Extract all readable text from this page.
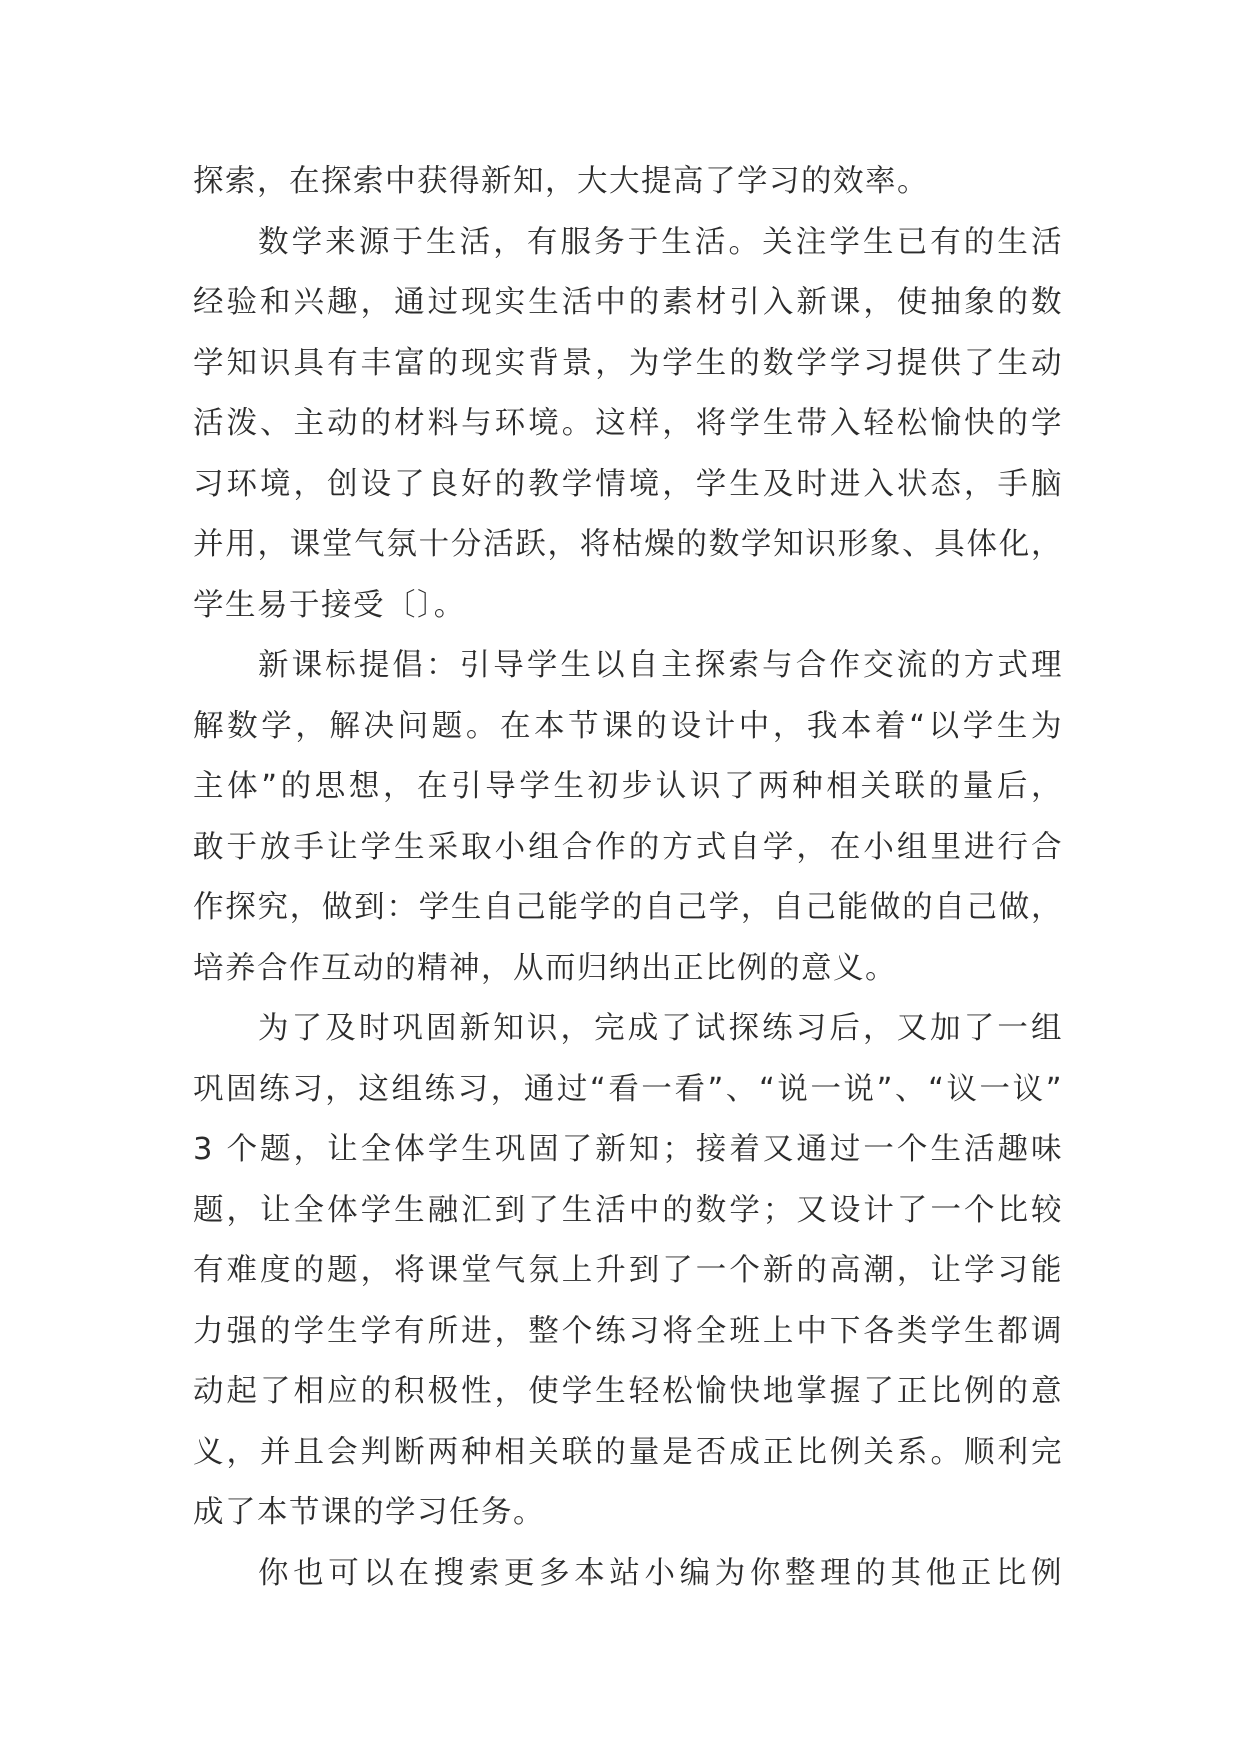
探索，在探索中获得新知，大大提高了学习的效率。
数学来源于生活，有服务于生活。关注学生已有的生活
经验和兴趣，通过现实生活中的素材引入新课，使抽象的数
学知识具有丰富的现实背景，为学生的数学学习提供了生动
活泼、主动的材料与环境。这样，将学生带入轻松愉快的学
习环境，创设了良好的教学情境，学生及时进入状态，手脑
并用，课堂气氛十分活跃，将枯燥的数学知识形象、具体化，
学生易于接受〔〕。
新课标提倡：引导学生以自主探索与合作交流的方式理
解数学，解决问题。在本节课的设计中，我本着“以学生为
主体”的思想，在引导学生初步认识了两种相关联的量后，
敢于放手让学生采取小组合作的方式自学，在小组里进行合
作探究，做到：学生自己能学的自己学，自己能做的自己做，
培养合作互动的精神，从而归纳出正比例的意义。
为了及时巩固新知识，完成了试探练习后，又加了一组
巩固练习，这组练习，通过“看一看”、“说一说”、“议一议”
3 个题，让全体学生巩固了新知；接着又通过一个生活趣味
题，让全体学生融汇到了生活中的数学；又设计了一个比较
有难度的题，将课堂气氛上升到了一个新的高潮，让学习能
力强的学生学有所进，整个练习将全班上中下各类学生都调
动起了相应的积极性，使学生轻松愉快地掌握了正比例的意
义，并且会判断两种相关联的量是否成正比例关系。顺利完
成了本节课的学习任务。
你也可以在搜索更多本站小编为你整理的其他正比例
